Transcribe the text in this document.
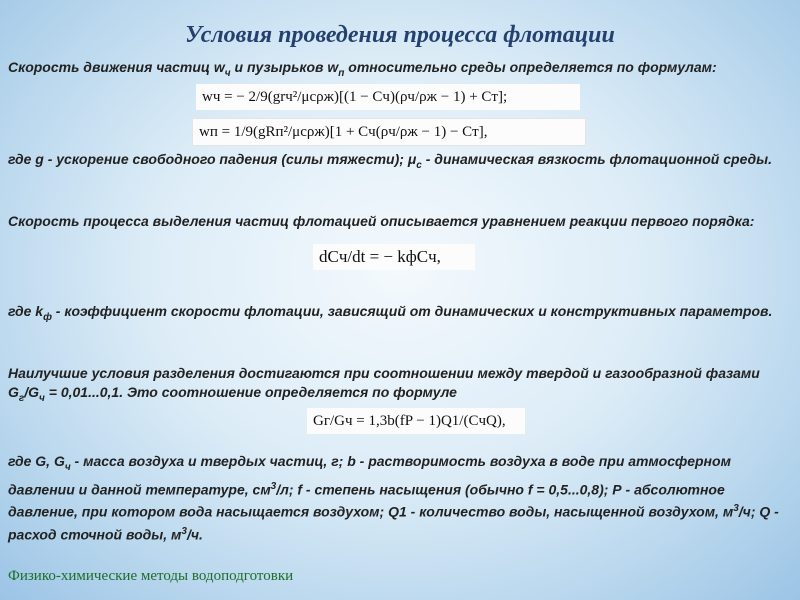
Условия проведения процесса флотации
Скорость движения частиц $w_ч$ и пузырьков $w_п$ относительно среды определяется по формулам:
wч = − 2/9(grч²/μсρж)[(1 − Cч)(ρч/ρж − 1) + Cт];
wп = 1/9(gRп²/μсρж)[1 + Cч(ρч/ρж − 1) − Cт],
где g - ускорение свободного падения (силы тяжести); $\mu_с$ - динамическая вязкость флотационной среды.
Скорость процесса выделения частиц флотацией описывается уравнением реакции первого порядка:
dCч/dt = − kфCч,
где $k_ф$ - коэффициент скорости флотации, зависящий от динамических и конструктивных параметров.
Наилучшие условия разделения достигаются при соотношении между твердой и газообразной фазами $G_г/G_ч = 0,01...0,1$. Это соотношение определяется по формуле
Gг/Gч = 1,3b(fP − 1)Q1/(CчQ),
где G, $G_ч$ - масса воздуха и твердых частиц, г; b - растворимость воздуха в воде при атмосферном давлении и данной температуре, $см^3/л$; f - степень насыщения (обычно f = 0,5...0,8); Р - абсолютное давление, при котором вода насыщается воздухом; Q1 - количество воды, насыщенной воздухом, $м^3/ч$; Q - расход сточной воды, $м^3/ч$.
Физико-химические методы водоподготовки
